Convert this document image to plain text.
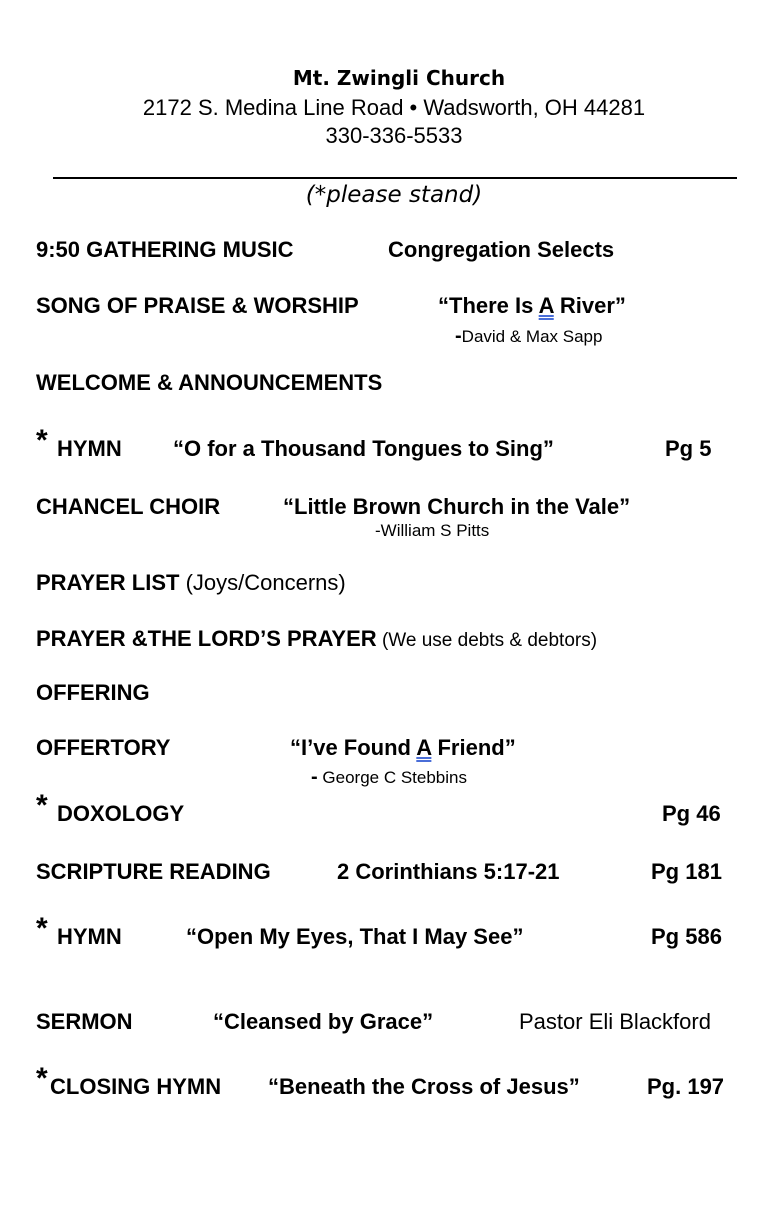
Mt. Zwingli Church
2172 S. Medina Line Road • Wadsworth, OH 44281
330-336-5533
(*please stand)
9:50 GATHERING MUSIC	Congregation Selects
SONG OF PRAISE & WORSHIP	“There Is A River”
-David & Max Sapp
WELCOME & ANNOUNCEMENTS
* HYMN “O for a Thousand Tongues to Sing”	Pg 5
CHANCEL CHOIR	“Little Brown Church in the Vale”
-William S Pitts
PRAYER LIST (Joys/Concerns)
PRAYER &THE LORD’S PRAYER (We use debts & debtors)
OFFERING
OFFERTORY	“I’ve Found A Friend”
- George C Stebbins
* DOXOLOGY	Pg 46
SCRIPTURE READING	2 Corinthians 5:17-21	Pg 181
* HYMN	“Open My Eyes, That I May See”	Pg 586
SERMON	“Cleansed by Grace”	Pastor Eli Blackford
* CLOSING HYMN “Beneath the Cross of Jesus”	Pg. 197
